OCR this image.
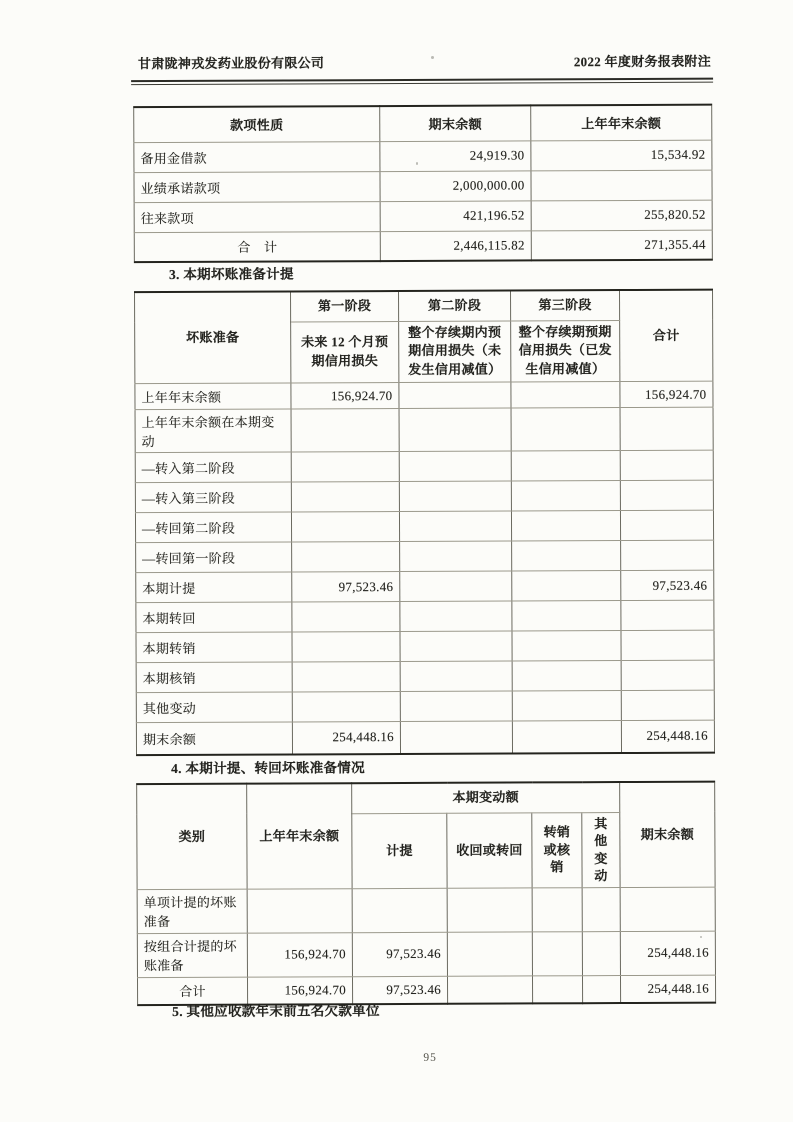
甘肃陇神戎发药业股份有限公司	2022 年度财务报表附注
款项性质	期末余额	上年年末余额
备用金借款	24,919.30	15,534.92
业绩承诺款项	2,000,000.00	
往来款项	421,196.52	255,820.52
合　计	2,446,115.82	271,355.44

3. 本期坏账准备计提

坏账准备	第一阶段	第二阶段	第三阶段	合计
	未来 12 个月预期信用损失	整个存续期内预期信用损失（未发生信用减值）	整个存续期预期信用损失（已发生信用减值）	
上年年末余额	156,924.70			156,924.70
上年年末余额在本期变动				
—转入第二阶段				
—转入第三阶段				
—转回第二阶段				
—转回第一阶段				
本期计提	97,523.46			97,523.46
本期转回				
本期转销				
本期核销				
其他变动				
期末余额	254,448.16			254,448.16

4. 本期计提、转回坏账准备情况

类别	上年年末余额	本期变动额				期末余额
		计提	收回或转回	转销或核销	其他变动	
单项计提的坏账准备						
按组合计提的坏账准备	156,924.70	97,523.46				254,448.16
合计	156,924.70	97,523.46				254,448.16

5. 其他应收款年末前五名欠款单位

95
